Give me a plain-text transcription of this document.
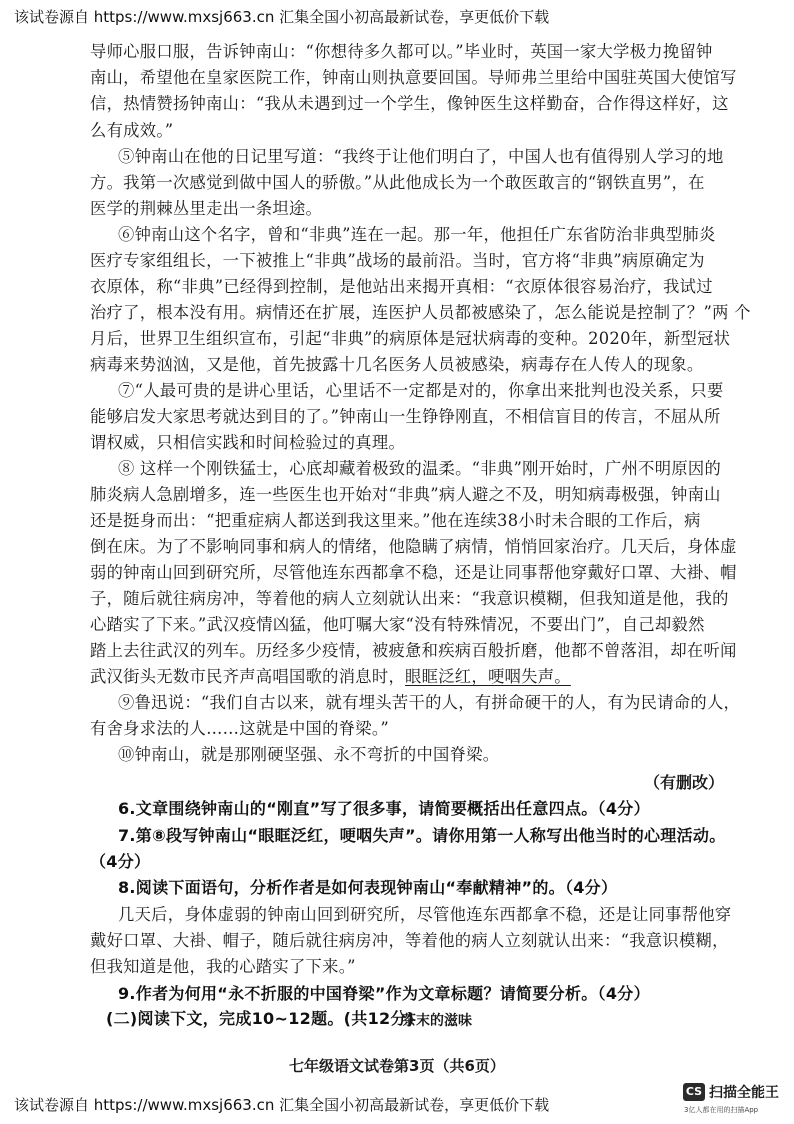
该试卷源自 https://www.mxsj663.cn 汇集全国小初高最新试卷，享更低价下载
导师心服口服，告诉钟南山：“你想待多久都可以。”毕业时，英国一家大学极力挽留钟
南山，希望他在皇家医院工作，钟南山则执意要回国。导师弗兰里给中国驻英国大使馆写
信，热情赞扬钟南山：“我从未遇到过一个学生，像钟医生这样勤奋，合作得这样好，这
么有成效。”
⑤钟南山在他的日记里写道：“我终于让他们明白了，中国人也有值得别人学习的地
方。我第一次感觉到做中国人的骄傲。”从此他成长为一个敢医敢言的“钢铁直男”，在
医学的荆棘丛里走出一条坦途。
⑥钟南山这个名字，曾和“非典”连在一起。那一年，他担任广东省防治非典型肺炎
医疗专家组组长，一下被推上“非典”战场的最前沿。当时，官方将“非典”病原确定为
衣原体，称“非典”已经得到控制，是他站出来揭开真相：“衣原体很容易治疗，我试过
治疗了，根本没有用。病情还在扩展，连医护人员都被感染了，怎么能说是控制了？”两 个
月后，世界卫生组织宣布，引起“非典”的病原体是冠状病毒的变种。2020年，新型冠状
病毒来势汹汹，又是他，首先披露十几名医务人员被感染，病毒存在人传人的现象。
⑦“人最可贵的是讲心里话，心里话不一定都是对的，你拿出来批判也没关系，只要
能够启发大家思考就达到目的了。”钟南山一生铮铮刚直，不相信盲目的传言，不屈从所
谓权威，只相信实践和时间检验过的真理。
⑧ 这样一个刚铁猛士，心底却藏着极致的温柔。“非典”刚开始时，广州不明原因的
肺炎病人急剧增多，连一些医生也开始对“非典”病人避之不及，明知病毒极强，钟南山
还是挺身而出：“把重症病人都送到我这里来。”他在连续38小时未合眼的工作后，病
倒在床。为了不影响同事和病人的情绪，他隐瞒了病情，悄悄回家治疗。几天后，身体虚
弱的钟南山回到研究所，尽管他连东西都拿不稳，还是让同事帮他穿戴好口罩、大褂、帽
子，随后就往病房冲，等着他的病人立刻就认出来：“我意识模糊，但我知道是他，我的
心踏实了下来。”武汉疫情凶猛，他叮嘱大家“没有特殊情况，不要出门”，自己却毅然
踏上去往武汉的列车。历经多少疫情，被疲惫和疾病百般折磨，他都不曾落泪，却在听闻
武汉街头无数市民齐声高唱国歌的消息时，眼眶泛红，哽咽失声。
⑨鲁迅说：“我们自古以来，就有埋头苦干的人，有拼命硬干的人，有为民请命的人，
有舍身求法的人……这就是中国的脊梁。”
⑩钟南山，就是那刚硬坚强、永不弯折的中国脊梁。
（有删改）
6.文章围绕钟南山的“刚直”写了很多事，请简要概括出任意四点。（4分）
7.第⑧段写钟南山“眼眶泛红，哽咽失声”。请你用第一人称写出他当时的心理活动。
（4分）
8.阅读下面语句，分析作者是如何表现钟南山“奉献精神”的。（4分）
几天后，身体虚弱的钟南山回到研究所，尽管他连东西都拿不稳，还是让同事帮他穿
戴好口罩、大褂、帽子，随后就往病房冲，等着他的病人立刻就认出来：“我意识模糊，
但我知道是他，我的心踏实了下来。”
9.作者为何用“永不折服的中国脊梁”作为文章标题？请简要分析。（4分）
(二)阅读下文，完成10~12题。(共12分)
茶末的滋味
七年级语文试卷第3页（共6页）
该试卷源自 https://www.mxsj663.cn 汇集全国小初高最新试卷，享更低价下载
CS 扫描全能王
3亿人都在用的扫描App
